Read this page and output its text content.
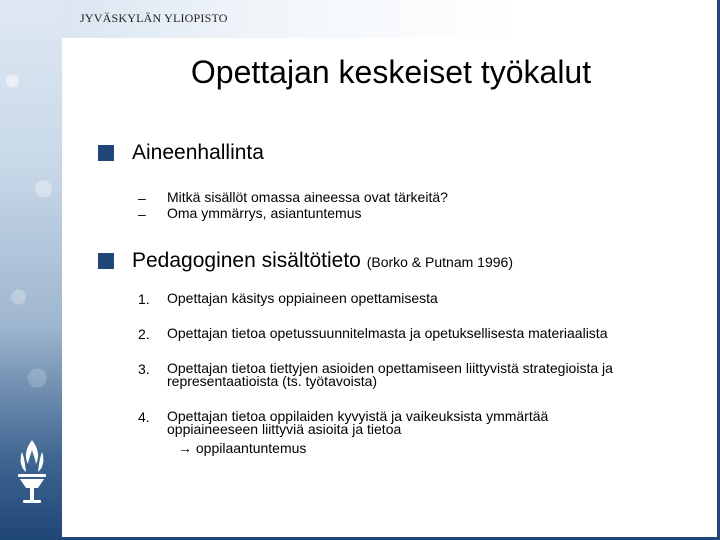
JYVÄSKYLÄN YLIOPISTO
Opettajan keskeiset työkalut
Aineenhallinta
– Mitkä sisällöt omassa aineessa ovat tärkeitä?
– Oma ymmärrys, asiantuntemus
Pedagoginen sisältötieto (Borko & Putnam 1996)
1. Opettajan käsitys oppiaineen opettamisesta
2. Opettajan tietoa opetussuunnitelmasta ja opetuksellisesta materiaalista
3. Opettajan tietoa tiettyjen asioiden opettamiseen liittyvistä strategioista ja
representaatioista (ts. työtavoista)
4. Opettajan tietoa oppilaiden kyvyistä ja vaikeuksista ymmärtää
oppiaineeseen liittyviä asioita ja tietoa
→ oppilaantuntemus
